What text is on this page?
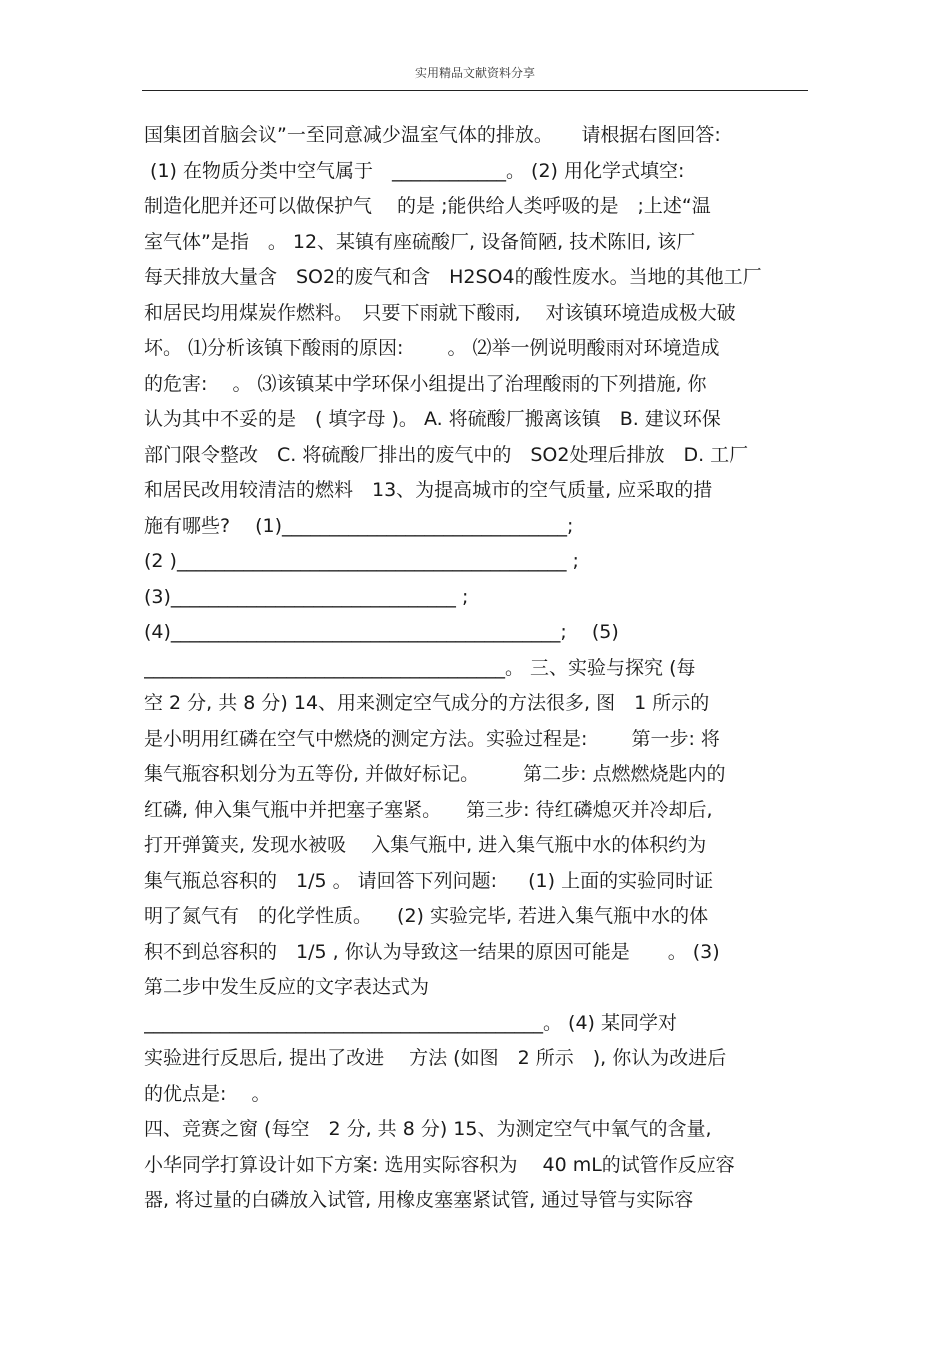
实用精品文献资料分享
国集团首脑会议”一至同意减少温室气体的排放。　　请根据右图回答:
(1) 在物质分类中空气属于　____________。 (2) 用化学式填空:
制造化肥并还可以做保护气　 的是 ;能供给人类呼吸的是　;上述“温
室气体”是指　。 12、某镇有座硫酸厂, 设备简陋, 技术陈旧, 该厂
每天排放大量含　SO2的废气和含　H2SO4的酸性废水。当地的其他工厂
和居民均用煤炭作燃料。　只要下雨就下酸雨, 　对该镇环境造成极大破
坏。 ⑴分析该镇下酸雨的原因: 　　。 ⑵举一例说明酸雨对环境造成
的危害: 　。 ⑶该镇某中学环保小组提出了治理酸雨的下列措施, 你
认为其中不妥的是　( 填字母 )。 A. 将硫酸厂搬离该镇　B. 建议环保
部门限令整改　C. 将硫酸厂排出的废气中的　SO2处理后排放　D. 工厂
和居民改用较清洁的燃料　13、为提高城市的空气质量, 应采取的措
施有哪些? 　(1)______________________________;
(2 )_________________________________________ ;
(3)______________________________ ;
(4)_________________________________________;　 (5)
______________________________________。 三、实验与探究 (每
空 2 分, 共 8 分) 14、用来测定空气成分的方法很多, 图　1 所示的
是小明用红磷在空气中燃烧的测定方法。实验过程是: 　　第一步: 将
集气瓶容积划分为五等份, 并做好标记。 　　第二步: 点燃燃烧匙内的
红磷, 伸入集气瓶中并把塞子塞紧。 　第三步: 待红磷熄灭并冷却后,
打开弹簧夹, 发现水被吸　 入集气瓶中, 进入集气瓶中水的体积约为
集气瓶总容积的　1/5 。 请回答下列问题: 　 (1) 上面的实验同时证
明了氮气有　的化学性质。 　(2) 实验完毕, 若进入集气瓶中水的体
积不到总容积的　1/5 , 你认为导致这一结果的原因可能是　　。 (3)
第二步中发生反应的文字表达式为
__________________________________________。 (4) 某同学对
实验进行反思后, 提出了改进　 方法 (如图　2 所示　), 你认为改进后
的优点是: 　。
四、竞赛之窗 (每空　2 分, 共 8 分) 15、为测定空气中氧气的含量,
小华同学打算设计如下方案: 选用实际容积为　 40 mL的试管作反应容
器, 将过量的白磷放入试管, 用橡皮塞塞紧试管, 通过导管与实际容
